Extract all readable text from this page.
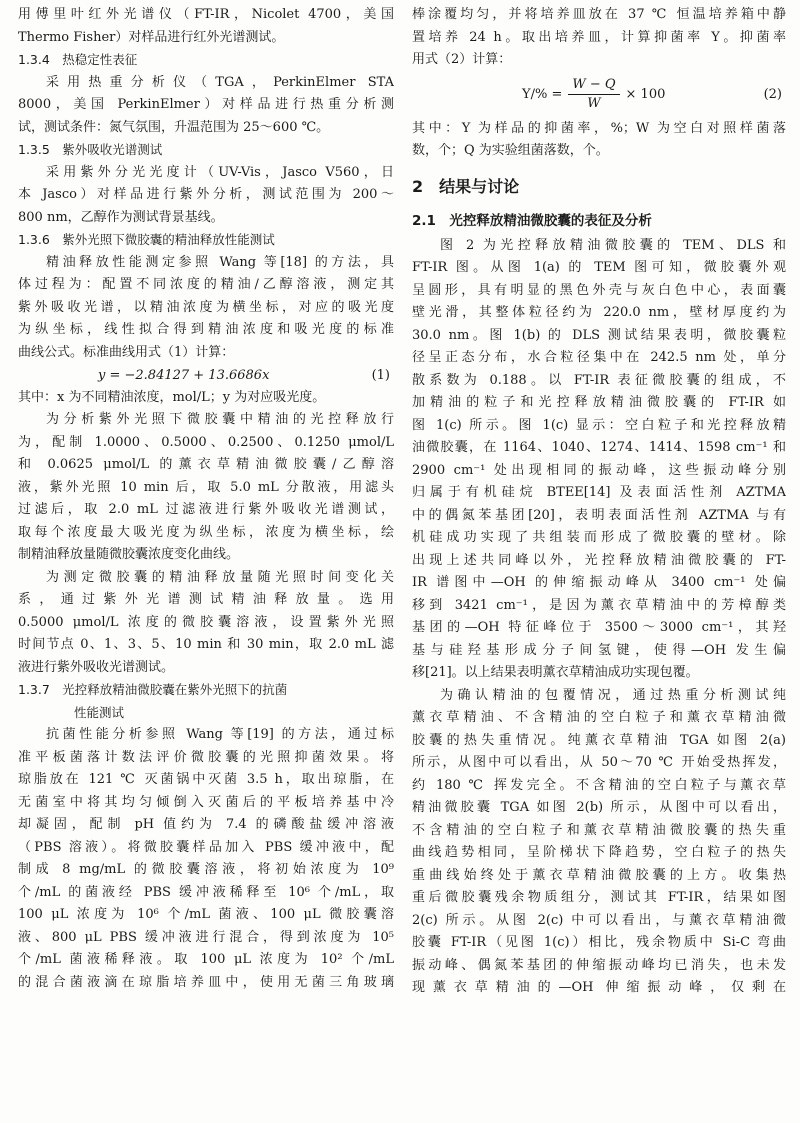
用傅里叶红外光谱仪（FT-IR，Nicolet 4700，美国
Thermo Fisher）对样品进行红外光谱测试。
1.3.4　热稳定性表征
采用热重分析仪（TGA，PerkinElmer STA
8000，美国 PerkinElmer）对样品进行热重分析测
试，测试条件：氮气氛围，升温范围为 25～600 ℃。
1.3.5　紫外吸收光谱测试
采用紫外分光光度计（UV-Vis，Jasco V560，日
本 Jasco）对样品进行紫外分析，测试范围为 200～
800 nm，乙醇作为测试背景基线。
1.3.6　紫外光照下微胶囊的精油释放性能测试
精油释放性能测定参照 Wang 等[18] 的方法，具
体过程为：配置不同浓度的精油/乙醇溶液，测定其
紫外吸收光谱，以精油浓度为横坐标，对应的吸光度
为纵坐标，线性拟合得到精油浓度和吸光度的标准
曲线公式。标准曲线用式（1）计算：
y = −2.84127 + 13.6686x	(1)
其中：x 为不同精油浓度，mol/L；y 为对应吸光度。
为分析紫外光照下微胶囊中精油的光控释放行
为，配制 1.0000、0.5000、0.2500、0.1250 μmol/L
和 0.0625 μmol/L 的薰衣草精油微胶囊/乙醇溶
液，紫外光照 10 min 后，取 5.0 mL 分散液，用滤头
过滤后，取 2.0 mL 过滤液进行紫外吸收光谱测试，
取每个浓度最大吸光度为纵坐标，浓度为横坐标，绘
制精油释放量随微胶囊浓度变化曲线。
为测定微胶囊的精油释放量随光照时间变化关
系，通过紫外光谱测试精油释放量。选用
0.5000 μmol/L 浓度的微胶囊溶液，设置紫外光照
时间节点 0、1、3、5、10 min 和 30 min，取 2.0 mL 滤
液进行紫外吸收光谱测试。
1.3.7　光控释放精油微胶囊在紫外光照下的抗菌
性能测试
抗菌性能分析参照 Wang 等[19] 的方法，通过标
准平板菌落计数法评价微胶囊的光照抑菌效果。将
琼脂放在 121 ℃ 灭菌锅中灭菌 3.5 h，取出琼脂，在
无菌室中将其均匀倾倒入灭菌后的平板培养基中冷
却凝固，配制 pH 值约为 7.4 的磷酸盐缓冲溶液
（PBS 溶液）。将微胶囊样品加入 PBS 缓冲液中，配
制成 8 mg/mL 的微胶囊溶液，将初始浓度为 10⁹
个/mL 的菌液经 PBS 缓冲液稀释至 10⁶ 个/mL，取
100 μL 浓度为 10⁶ 个/mL 菌液、100 μL 微胶囊溶
液、800 μL PBS 缓冲液进行混合，得到浓度为 10⁵
个/mL 菌液稀释液。取 100 μL 浓度为 10² 个/mL
的混合菌液滴在琼脂培养皿中，使用无菌三角玻璃
棒涂覆均匀，并将培养皿放在 37 ℃ 恒温培养箱中静
置培养 24 h。取出培养皿，计算抑菌率 Y。抑菌率
用式（2）计算：
$Y/\% = \frac{W - Q}{W} \times 100$	(2)
其中：Y 为样品的抑菌率，%；W 为空白对照样菌落
数，个；Q 为实验组菌落数，个。
2　结果与讨论
2.1　光控释放精油微胶囊的表征及分析
图 2 为光控释放精油微胶囊的 TEM、DLS 和
FT-IR 图。从图 1(a) 的 TEM 图可知，微胶囊外观
呈圆形，具有明显的黑色外壳与灰白色中心，表面囊
壁光滑，其整体粒径约为 220.0 nm，壁材厚度约为
30.0 nm。图 1(b) 的 DLS 测试结果表明，微胶囊粒
径呈正态分布，水合粒径集中在 242.5 nm 处，单分
散系数为 0.188。以 FT-IR 表征微胶囊的组成，不
加精油的粒子和光控释放精油微胶囊的 FT-IR 如
图 1(c) 所示。图 1(c) 显示：空白粒子和光控释放精
油微胶囊，在 1164、1040、1274、1414、1598 cm⁻¹ 和
2900 cm⁻¹ 处出现相同的振动峰，这些振动峰分别
归属于有机硅烷 BTEE[14] 及表面活性剂 AZTMA
中的偶氮苯基团[20]，表明表面活性剂 AZTMA 与有
机硅成功实现了共组装而形成了微胶囊的壁材。除
出现上述共同峰以外，光控释放精油微胶囊的 FT-
IR 谱图中—OH 的伸缩振动峰从 3400 cm⁻¹ 处偏
移到 3421 cm⁻¹，是因为薰衣草精油中的芳樟醇类
基团的—OH 特征峰位于 3500～3000 cm⁻¹，其羟
基与硅羟基形成分子间氢键，使得—OH 发生偏
移[21]。以上结果表明薰衣草精油成功实现包覆。
为确认精油的包覆情况，通过热重分析测试纯
薰衣草精油、不含精油的空白粒子和薰衣草精油微
胶囊的热失重情况。纯薰衣草精油 TGA 如图 2(a)
所示，从图中可以看出，从 50～70 ℃ 开始受热挥发，
约 180 ℃ 挥发完全。不含精油的空白粒子与薰衣草
精油微胶囊 TGA 如图 2(b) 所示，从图中可以看出，
不含精油的空白粒子和薰衣草精油微胶囊的热失重
曲线趋势相同，呈阶梯状下降趋势，空白粒子的热失
重曲线始终处于薰衣草精油微胶囊的上方。收集热
重后微胶囊残余物质组分，测试其 FT-IR，结果如图
2(c) 所示。从图 2(c) 中可以看出，与薰衣草精油微
胶囊 FT-IR（见图 1(c)）相比，残余物质中 Si-C 弯曲
振动峰、偶氮苯基团的伸缩振动峰均已消失，也未发
现薰衣草精油的—OH 伸缩振动峰，仅剩在
